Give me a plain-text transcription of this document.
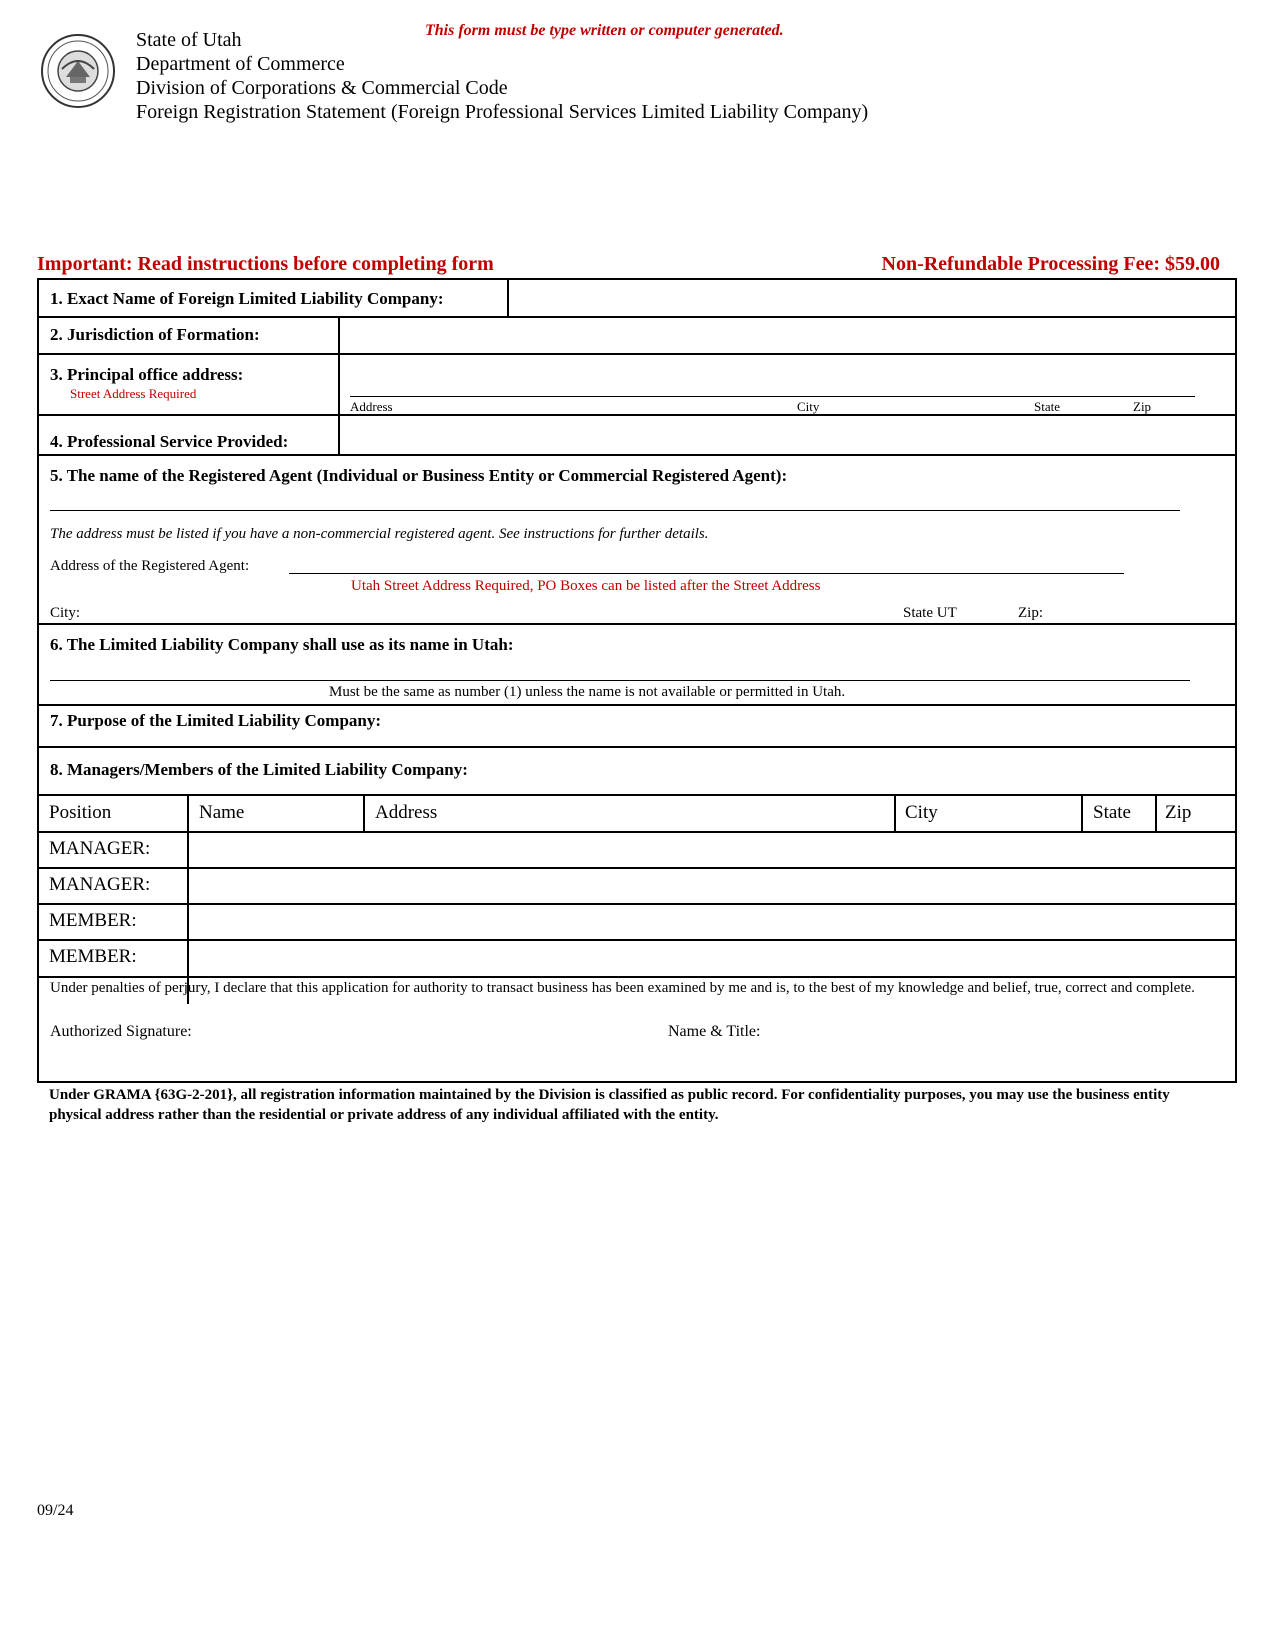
This form must be type written or computer generated.
State of Utah
Department of Commerce
Division of Corporations & Commercial Code
Foreign Registration Statement (Foreign Professional Services Limited Liability Company)
Important: Read instructions before completing form	Non-Refundable Processing Fee: $59.00
1. Exact Name of Foreign Limited Liability Company:
2. Jurisdiction of Formation:
3. Principal office address:
Street Address Required
Address	City	State	Zip
4. Professional Service Provided:
5. The name of the Registered Agent (Individual or Business Entity or Commercial Registered Agent):
The address must be listed if you have a non-commercial registered agent. See instructions for further details.
Address of the Registered Agent:
Utah Street Address Required, PO Boxes can be listed after the Street Address
City:	State UT	Zip:
6. The Limited Liability Company shall use as its name in Utah:
Must be the same as number (1) unless the name is not available or permitted in Utah.
7. Purpose of the Limited Liability Company:
8. Managers/Members of the Limited Liability Company:
Position	Name	Address	City	State Zip
MANAGER:
MANAGER:
MEMBER:
MEMBER:
Under penalties of perjury, I declare that this application for authority to transact business has been examined by me and is, to the best of my knowledge and belief, true, correct and complete.
Authorized Signature:	Name & Title:
Under GRAMA {63G-2-201}, all registration information maintained by the Division is classified as public record. For confidentiality purposes, you may use the business entity physical address rather than the residential or private address of any individual affiliated with the entity.
09/24
